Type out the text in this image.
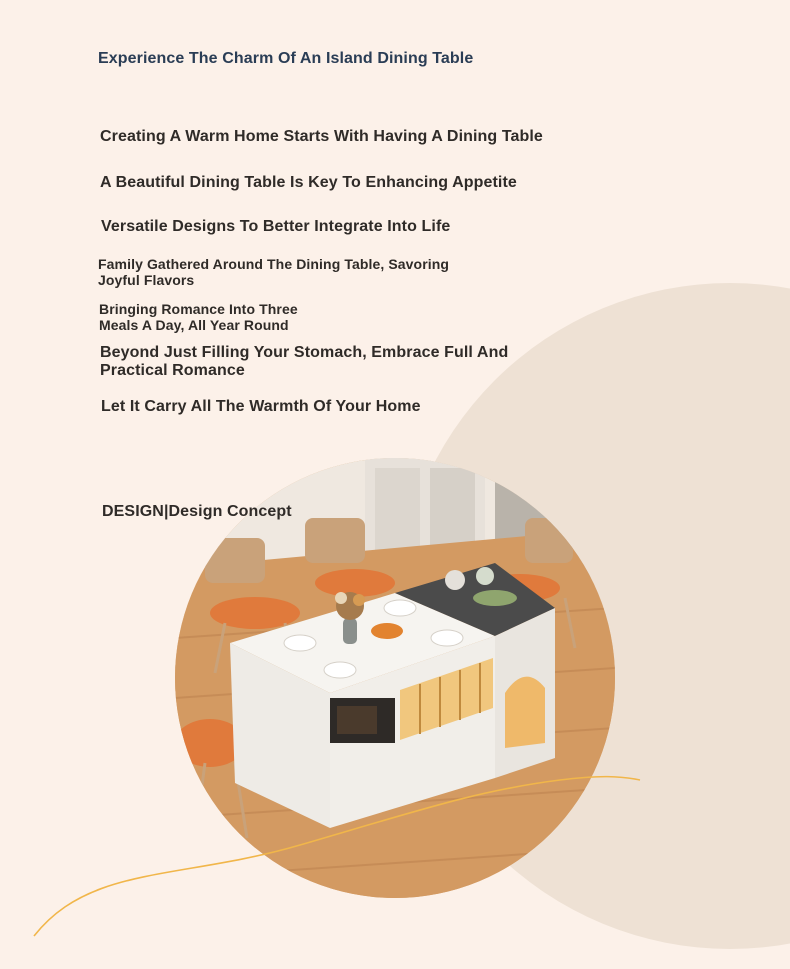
Experience The Charm Of An Island Dining Table
Creating A Warm Home Starts With Having A Dining Table
A Beautiful Dining Table Is Key To Enhancing Appetite
Versatile Designs To Better Integrate Into Life
Family Gathered Around The Dining Table, Savoring Joyful Flavors
Bringing Romance Into Three Meals A Day, All Year Round
Beyond Just Filling Your Stomach, Embrace Full And Practical Romance
Let It Carry All The Warmth Of Your Home
DESIGN|Design Concept
